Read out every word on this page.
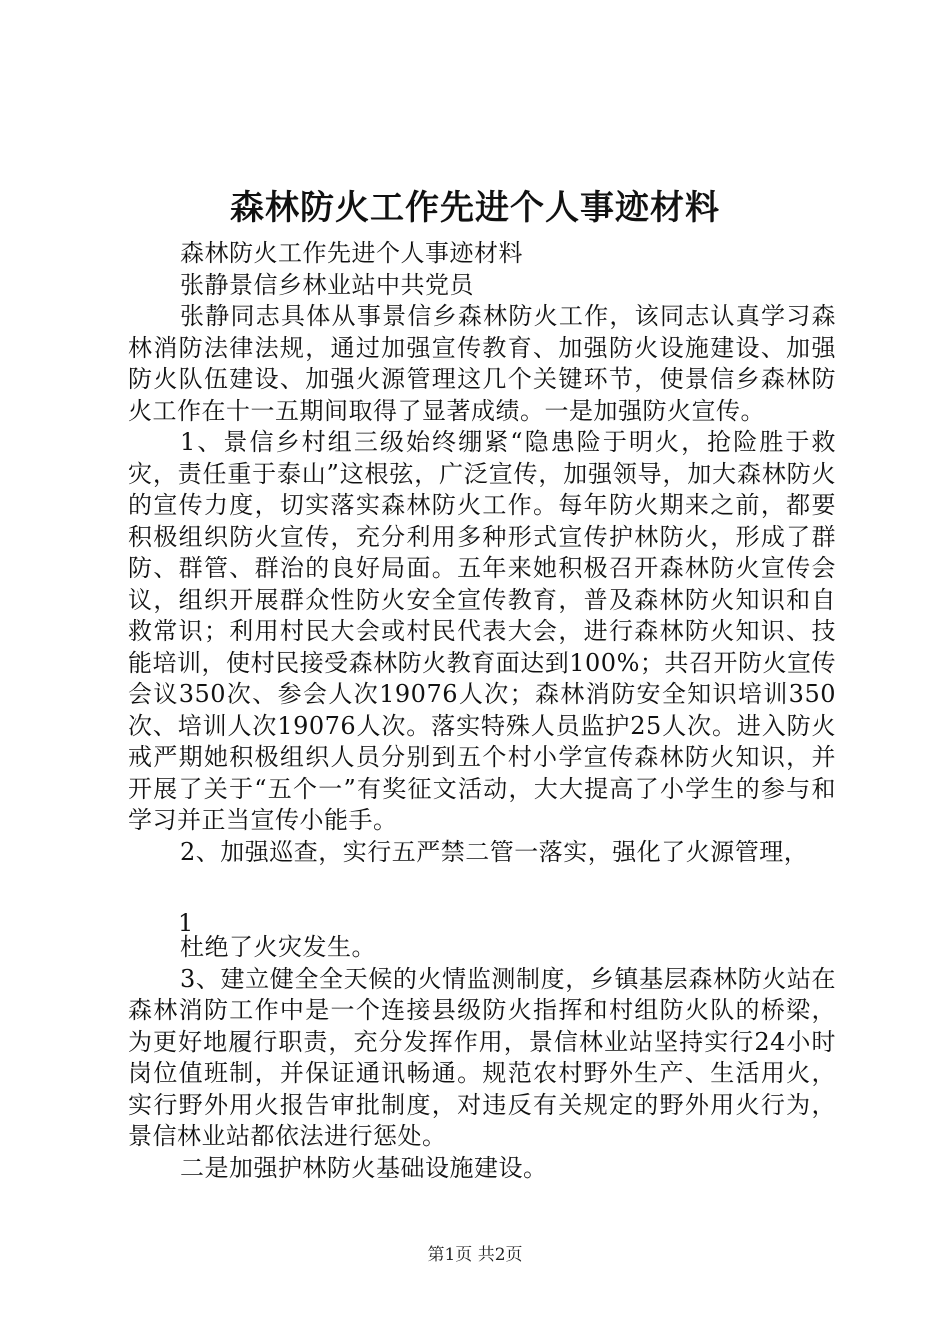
森林防火工作先进个人事迹材料

森林防火工作先进个人事迹材料

张静景信乡林业站中共党员

张静同志具体从事景信乡森林防火工作，该同志认真学习森林消防法律法规，通过加强宣传教育、加强防火设施建设、加强防火队伍建设、加强火源管理这几个关键环节，使景信乡森林防火工作在十一五期间取得了显著成绩。一是加强防火宣传。

1、景信乡村组三级始终绷紧“隐患险于明火，抢险胜于救灾，责任重于泰山”这根弦，广泛宣传，加强领导，加大森林防火的宣传力度，切实落实森林防火工作。每年防火期来之前，都要积极组织防火宣传，充分利用多种形式宣传护林防火，形成了群防、群管、群治的良好局面。五年来她积极召开森林防火宣传会议，组织开展群众性防火安全宣传教育，普及森林防火知识和自救常识；利用村民大会或村民代表大会，进行森林防火知识、技能培训，使村民接受森林防火教育面达到100%；共召开防火宣传会议350次、参会人次19076人次；森林消防安全知识培训350次、培训人次19076人次。落实特殊人员监护25人次。进入防火戒严期她积极组织人员分别到五个村小学宣传森林防火知识，并开展了关于“五个一”有奖征文活动，大大提高了小学生的参与和学习并正当宣传小能手。

2、加强巡查，实行五严禁二管一落实，强化了火源管理，

1

杜绝了火灾发生。

3、建立健全全天候的火情监测制度，乡镇基层森林防火站在森林消防工作中是一个连接县级防火指挥和村组防火队的桥梁，为更好地履行职责，充分发挥作用，景信林业站坚持实行24小时岗位值班制，并保证通讯畅通。规范农村野外生产、生活用火，实行野外用火报告审批制度，对违反有关规定的野外用火行为，景信林业站都依法进行惩处。

二是加强护林防火基础设施建设。

第1页 共2页
